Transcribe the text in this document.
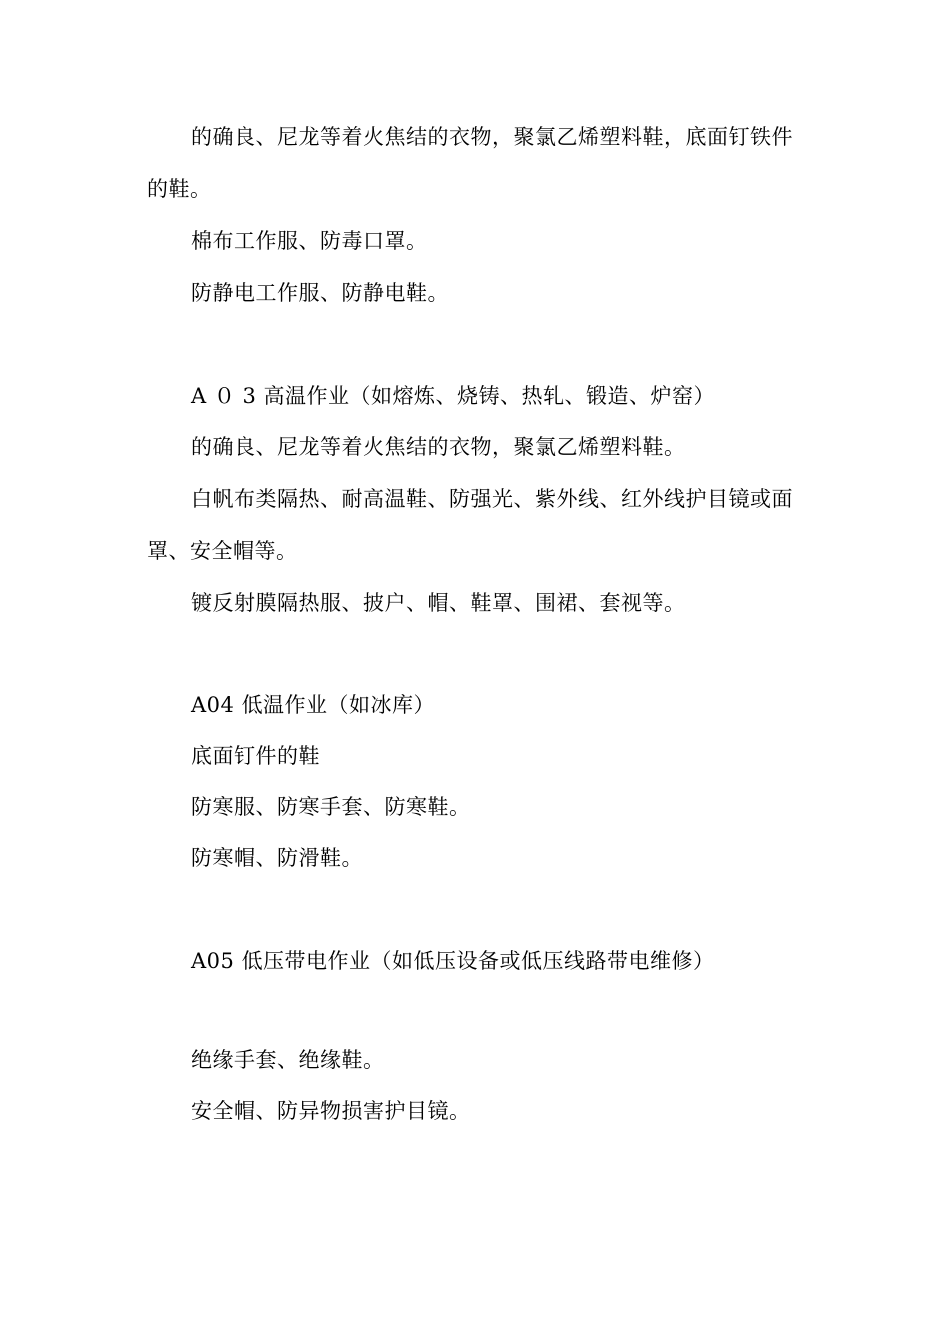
的确良、尼龙等着火焦结的衣物，聚氯乙烯塑料鞋，底面钉铁件的鞋。
棉布工作服、防毒口罩。
防静电工作服、防静电鞋。
A ０ 3 高温作业（如熔炼、烧铸、热轧、锻造、炉窑）
的确良、尼龙等着火焦结的衣物，聚氯乙烯塑料鞋。
白帆布类隔热、耐高温鞋、防强光、紫外线、红外线护目镜或面罩、安全帽等。
镀反射膜隔热服、披户、帽、鞋罩、围裙、套视等。
A04 低温作业（如冰库）
底面钉件的鞋
防寒服、防寒手套、防寒鞋。
防寒帽、防滑鞋。
A05 低压带电作业（如低压设备或低压线路带电维修）
绝缘手套、绝缘鞋。
安全帽、防异物损害护目镜。
